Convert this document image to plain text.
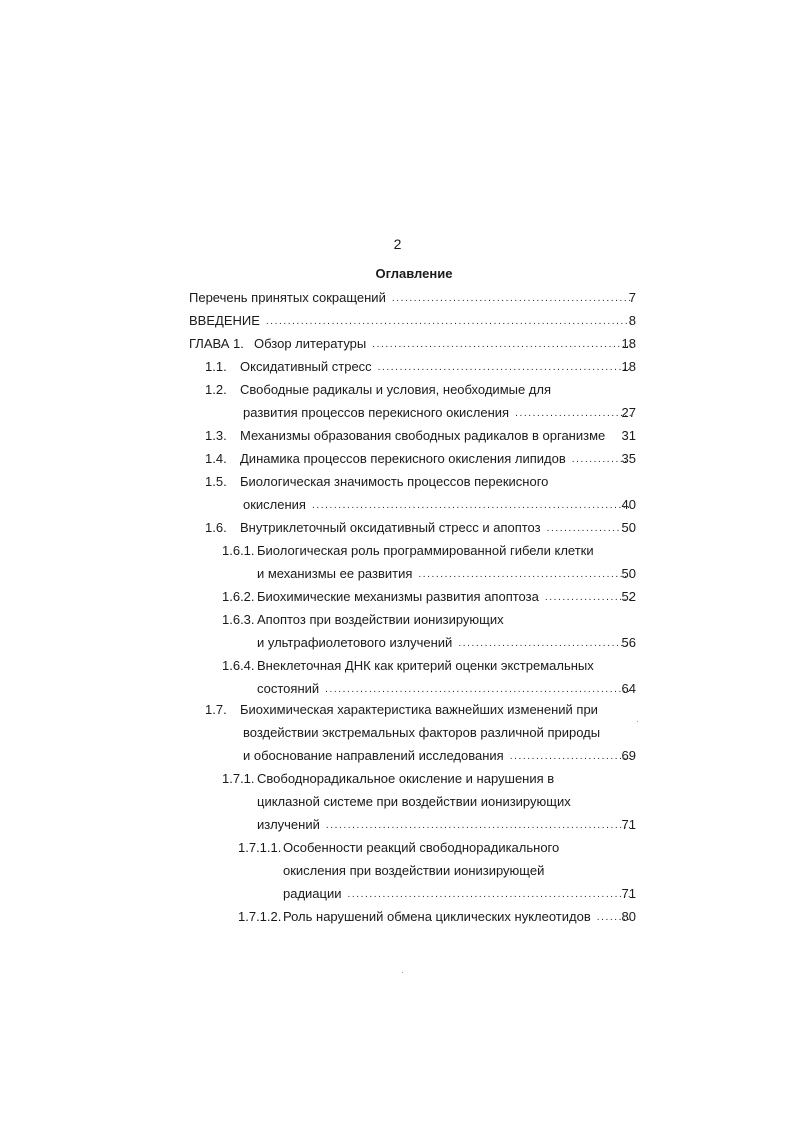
2
Оглавление
Перечень принятых сокращений .....	7
ВВЕДЕНИЕ .....	8
ГЛАВА 1. Обзор литературы .....	18
1.1.	Оксидативный стресс .....	18
1.2.	Свободные радикалы и условия, необходимые для
развития процессов перекисного окисления .....	27
1.3.	Механизмы образования свободных радикалов в организме	31
1.4.	Динамика процессов перекисного окисления липидов .....	35
1.5.	Биологическая значимость процессов перекисного
окисления .....	40
1.6.	Внутриклеточный оксидативный стресс и апоптоз .....	50
1.6.1. Биологическая роль программированной гибели клетки
и механизмы ее развития .....	50
1.6.2. Биохимические механизмы развития апоптоза .....	52
1.6.3. Апоптоз при воздействии ионизирующих
и ультрафиолетового излучений .....	56
1.6.4. Внеклеточная ДНК как критерий оценки экстремальных
состояний .....	64
1.7.	Биохимическая характеристика важнейших изменений при
воздействии экстремальных факторов различной природы
и обоснование направлений исследования .....	69
1.7.1. Свободнорадикальное окисление и нарушения в
циклазной системе при воздействии ионизирующих
излучений .....	71
1.7.1.1. Особенности реакций свободнорадикального
окисления при воздействии ионизирующей
радиации .....	71
1.7.1.2. Роль нарушений обмена циклических нуклеотидов .....	80
